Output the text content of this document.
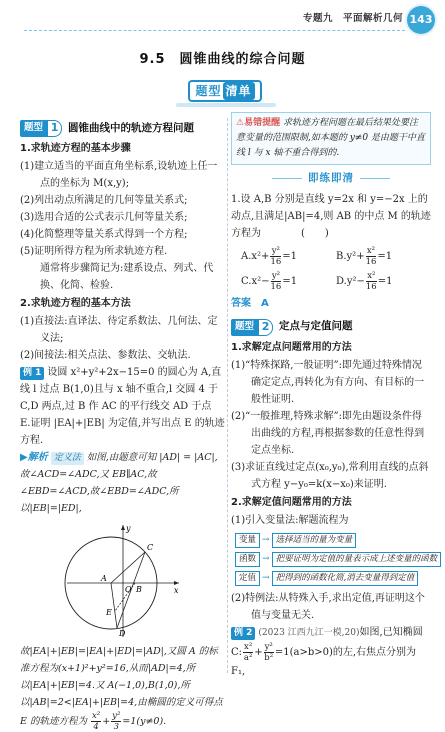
专题九　平面解析几何 143
9.5　圆锥曲线的综合问题
题型 清单
题型 1 圆锥曲线中的轨迹方程问题
1.求轨迹方程的基本步骤
(1)建立适当的平面直角坐标系,设轨迹上任一点的坐标为 M(x,y);
(2)列出动点所满足的几何等量关系式;
(3)选用合适的公式表示几何等量关系;
(4)化简整理等量关系式得到一个方程;
(5)证明所得方程为所求轨迹方程.
通常将步骤简记为:建系设点、列式、代换、化简、检验.
2.求轨迹方程的基本方法
(1)直接法:直译法、待定系数法、几何法、定义法;
(2)间接法:相关点法、参数法、交轨法.
例 1 设圆 x²+y²+2x−15=0 的圆心为 A,直线 l 过点 B(1,0)且与 x 轴不重合,l 交圆 4 于 C,D 两点,过 B 作 AC 的平行线交 AD 于点 E.证明 |EA|+|EB| 为定值,并写出点 E 的轨迹方程.
▶解析 定义法 如图,由题意可知 |AD| = |AC|,故∠ACD=∠ADC,又 EB∥AC,故∠EBD=∠ACD,故∠EBD=∠ADC,所以|EB|=|ED|,
y
x
A
B
C
D
E
O
故|EA|+|EB|=|EA|+|ED|=|AD|,又圆 A 的标准方程为(x+1)²+y²=16,从而|AD|=4,所以|EA|+|EB|=4.又 A(−1,0),B(1,0),所以|AB|=2<|EA|+|EB|=4,由椭圆的定义可得点
E 的轨迹方程为 $\frac{\text{x²}}{4} + \frac{\text{y²}}{3} =1(y\ne 0)$.
⚠易错提醒 求轨迹方程问题在最后结果处要注意变量的范围限制,如本题的 y≠0 是由题干中直线 l 与 x 轴不重合得到的.
即练即清
1.设 A,B 分别是直线 y=2x 和 y=−2x 上的动点,且满足|AB|=4,则 AB 的中点 M 的轨迹方程为　　　　(　　)
$A.x^2+ \frac{\text{y²}}{16} =1$	$B.y^2+ \frac{\text{x²}}{16} =1$
$C.x^2- \frac{\text{y²}}{16} =1$	$D.y^2- \frac{\text{x²}}{16} =1$
答案　A
题型 2 定点与定值问题
1.求解定点问题常用的方法
(1)“特殊探路,一般证明”:即先通过特殊情况确定定点,再转化为有方向、有目标的一般性证明.
(2)“一般推理,特殊求解”:即先由题设条件得出曲线的方程,再根据参数的任意性得到定点坐标.
(3)求证直线过定点(x₀,y₀),常利用直线的点斜式方程 y−y₀=k(x−x₀)来证明.
2.求解定值问题常用的方法
(1)引入变量法:解题流程为
变量 → 选择适当的量为变量
函数 → 把要证明为定值的量表示成上述变量的函数
定值 → 把得到的函数化简,消去变量得到定值
(2)特例法:从特殊入手,求出定值,再证明这个值与变量无关.
例 2 (2023 江西九江一模,20)如图,已知椭圆
C: $\frac{\text{x²}}{\text{a²}} + \frac{\text{y²}}{\text{b²}} =1(a>b>0)$的左,右焦点分别为 F₁,
